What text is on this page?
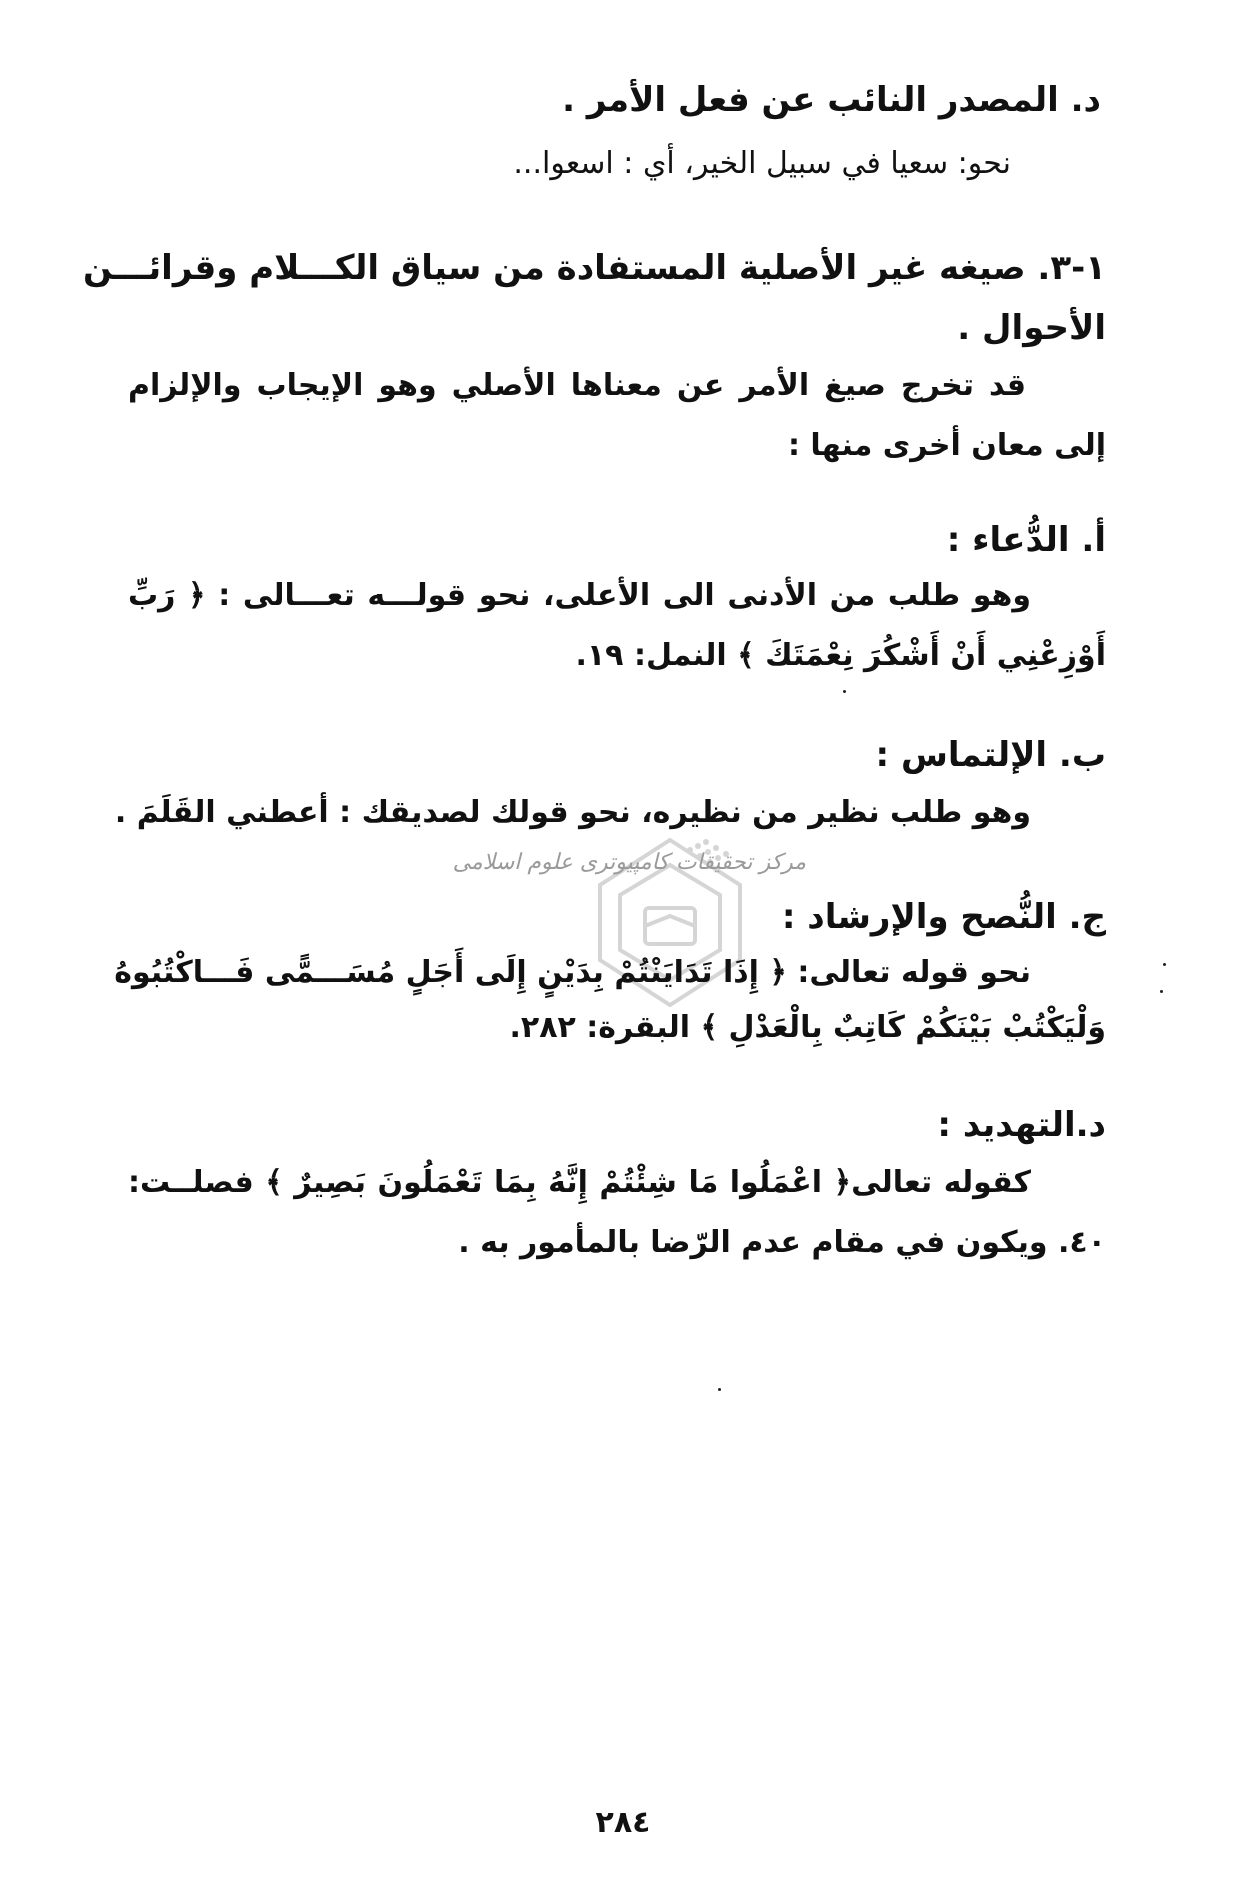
د. المصدر النائب عن فعل الأمر .
نحو: سعيا في سبيل الخير، أي : اسعوا...
١-٣. صيغه غير الأصلية المستفادة من سياق الكـــلام وقرائـــن
الأحوال .
قد تخرج صيغ الأمر عن معناها الأصلي وهو الإيجاب والإلزام
إلى معان أخرى منها :
أ. الدُّعاء :
وهو طلب من الأدنى الى الأعلى، نحو قولـــه تعـــالى : ﴿ رَبِّ
أَوْزِعْنِي أَنْ أَشْكُرَ نِعْمَتَكَ ﴾ النمل: ١٩.
ب. الإلتماس :
وهو طلب نظير من نظيره، نحو قولك لصديقك : أعطني القَلَمَ .
مرکز تحقیقات کامپیوتری علوم اسلامی
ج. النُّصح والإرشاد :
نحو قوله تعالى: ﴿ إِذَا تَدَايَنْتُمْ بِدَيْنٍ إِلَى أَجَلٍ مُسَـــمًّى فَـــاكْتُبُوهُ
وَلْيَكْتُبْ بَيْنَكُمْ كَاتِبٌ بِالْعَدْلِ ﴾ البقرة: ٢٨٢.
د.التهديد :
كقوله تعالى﴿ اعْمَلُوا مَا شِئْتُمْ إِنَّهُ بِمَا تَعْمَلُونَ بَصِيرٌ ﴾ فصلــت:
٤٠. ويكون في مقام عدم الرّضا بالمأمور به .
٢٨٤
